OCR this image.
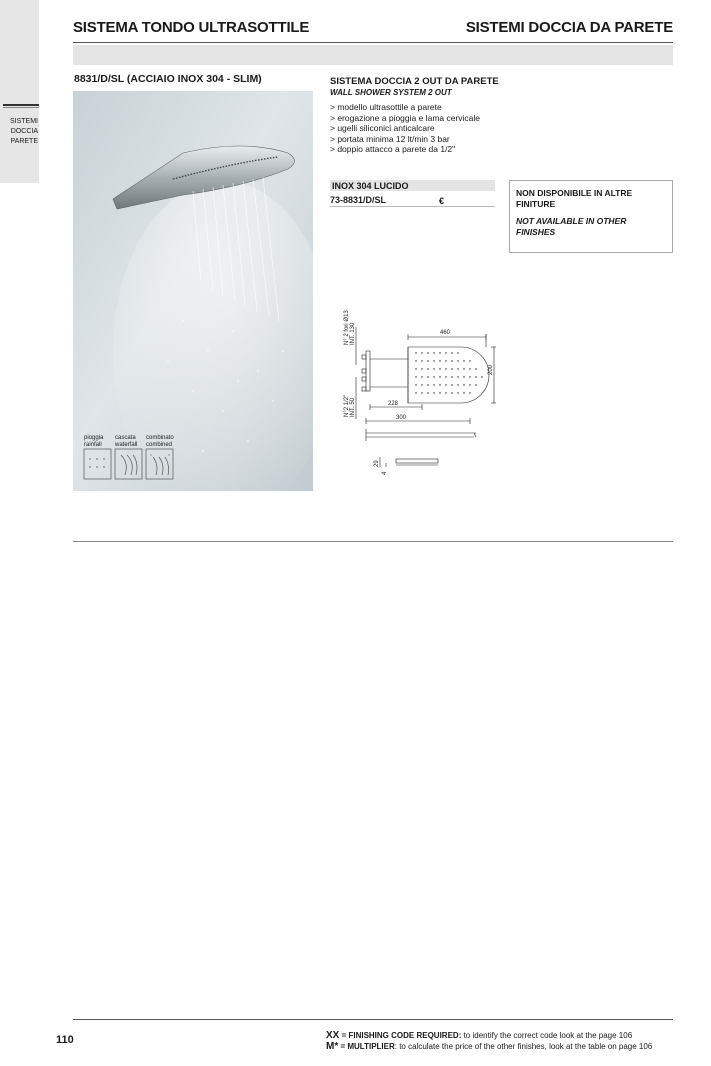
SISTEMI
DOCCIA
PARETE
SISTEMA TONDO ULTRASOTTILE	SISTEMI DOCCIA DA PARETE
8831/D/SL (ACCIAIO INOX 304 - SLIM)
pioggia
rainfall
cascata
waterfall
combinato
combined
SISTEMA DOCCIA 2 OUT DA PARETE
WALL SHOWER SYSTEM 2 OUT
> modello ultrasottile a parete
> erogazione a pioggia e lama cervicale
> ugelli siliconici anticalcare
> portata minima 12 lt/min 3 bar
> doppio attacco a parete da 1/2"
INOX 304 LUCIDO
73-8831/D/SL	€
NON DISPONIBILE IN ALTRE FINITURE
NOT AVAILABLE IN OTHER FINISHES
460
200
228
300
N° 2 fori Ø13 INT. 130
N°2 1/2" INT. 50
29
4
110	XX = FINISHING CODE REQUIRED: to identify the correct code look at the page 106
M* = MULTIPLIER: to calculate the price of the other finishes, look at the table on page 106
